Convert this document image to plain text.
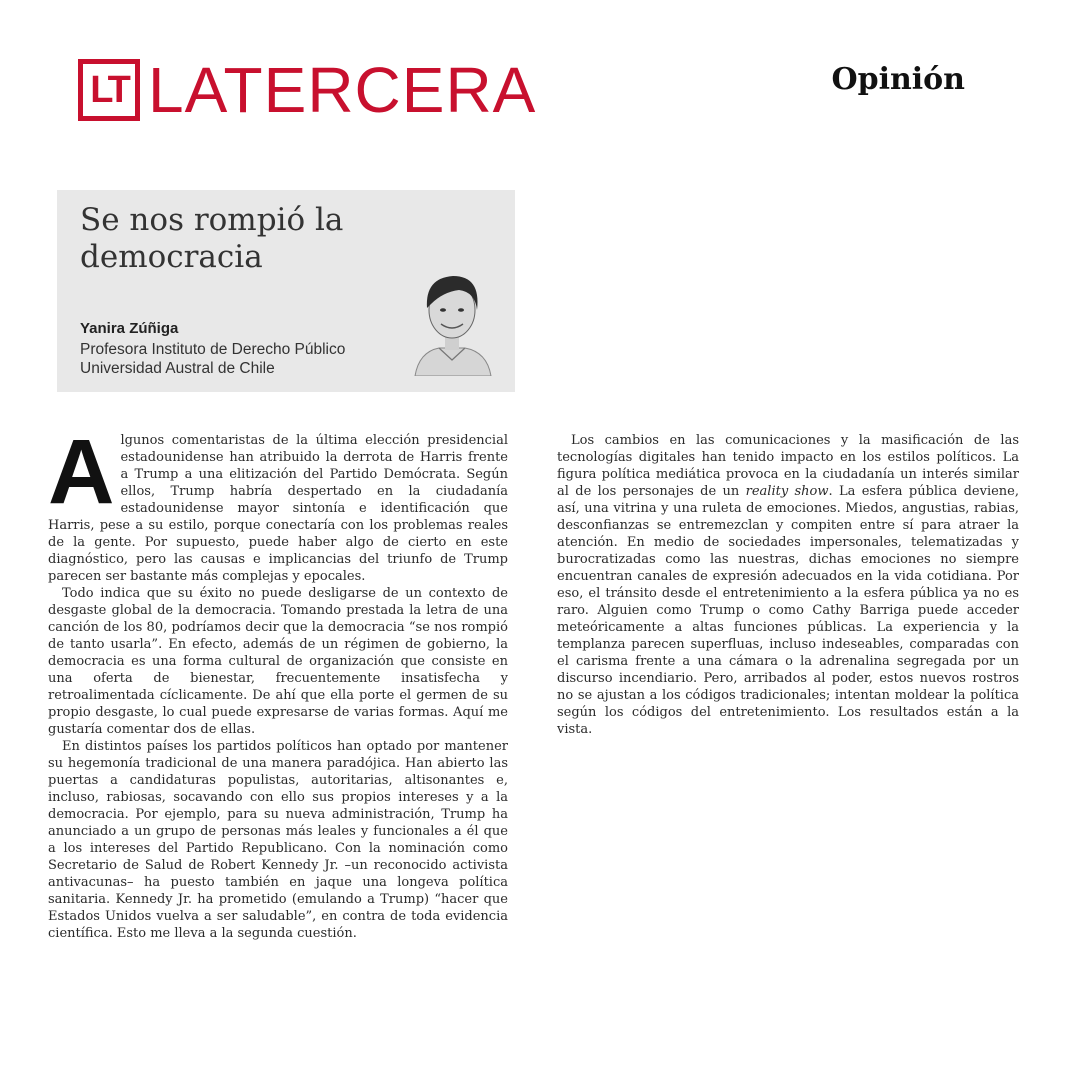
LT LATERCERA	Opinión
Se nos rompió la democracia
Yanira Zúñiga
Profesora Instituto de Derecho Público
Universidad Austral de Chile

Algunos comentaristas de la última elección presidencial estadounidense han atribuido la derrota de Harris frente a Trump a una elitización del Partido Demócrata. Según ellos, Trump habría despertado en la ciudadanía estadounidense mayor sintonía e identificación que Harris, pese a su estilo, porque conectaría con los problemas reales de la gente. Por supuesto, puede haber algo de cierto en este diagnóstico, pero las causas e implicancias del triunfo de Trump parecen ser bastante más complejas y epocales.

Todo indica que su éxito no puede desligarse de un contexto de desgaste global de la democracia. Tomando prestada la letra de una canción de los 80, podríamos decir que la democracia “se nos rompió de tanto usarla”. En efecto, además de un régimen de gobierno, la democracia es una forma cultural de organización que consiste en una oferta de bienestar, frecuentemente insatisfecha y retroalimentada cíclicamente. De ahí que ella porte el germen de su propio desgaste, lo cual puede expresarse de varias formas. Aquí me gustaría comentar dos de ellas.

En distintos países los partidos políticos han optado por mantener su hegemonía tradicional de una manera paradójica. Han abierto las puertas a candidaturas populistas, autoritarias, altisonantes e, incluso, rabiosas, socavando con ello sus propios intereses y a la democracia. Por ejemplo, para su nueva administración, Trump ha anunciado a un grupo de personas más leales y funcionales a él que a los intereses del Partido Republicano. Con la nominación como Secretario de Salud de Robert Kennedy Jr. –un reconocido activista antivacunas– ha puesto también en jaque una longeva política sanitaria. Kennedy Jr. ha prometido (emulando a Trump) “hacer que Estados Unidos vuelva a ser saludable”, en contra de toda evidencia científica. Esto me lleva a la segunda cuestión.

Los cambios en las comunicaciones y la masificación de las tecnologías digitales han tenido impacto en los estilos políticos. La figura política mediática provoca en la ciudadanía un interés similar al de los personajes de un reality show. La esfera pública deviene, así, una vitrina y una ruleta de emociones. Miedos, angustias, rabias, desconfianzas se entremezclan y compiten entre sí para atraer la atención. En medio de sociedades impersonales, telematizadas y burocratizadas como las nuestras, dichas emociones no siempre encuentran canales de expresión adecuados en la vida cotidiana. Por eso, el tránsito desde el entretenimiento a la esfera pública ya no es raro. Alguien como Trump o como Cathy Barriga puede acceder meteóricamente a altas funciones públicas. La experiencia y la templanza parecen superfluas, incluso indeseables, comparadas con el carisma frente a una cámara o la adrenalina segregada por un discurso incendiario. Pero, arribados al poder, estos nuevos rostros no se ajustan a los códigos tradicionales; intentan moldear la política según los códigos del entretenimiento. Los resultados están a la vista.
